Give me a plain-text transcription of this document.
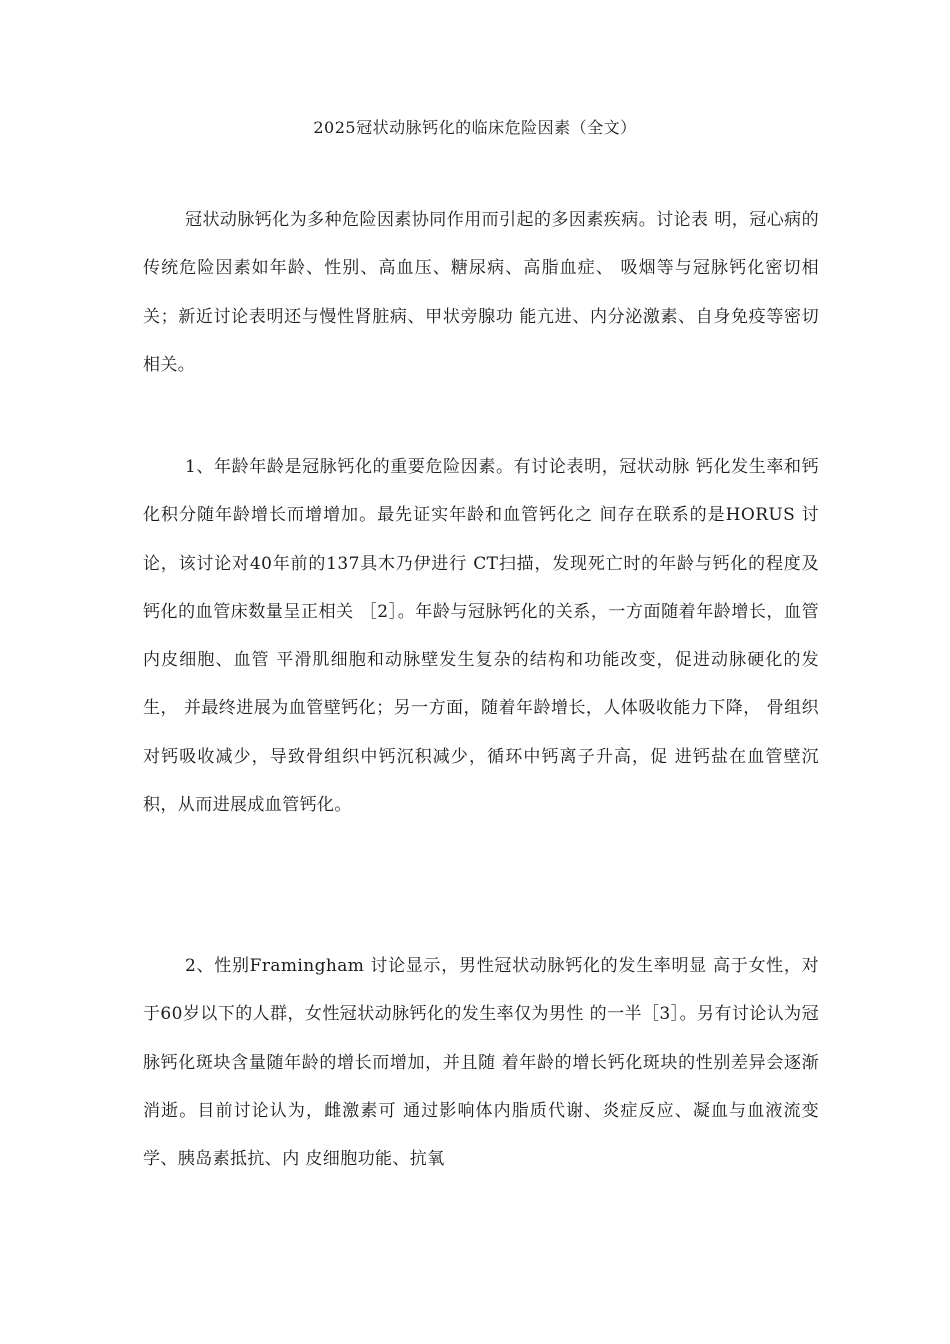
2025冠状动脉钙化的临床危险因素（全文）

冠状动脉钙化为多种危险因素协同作用而引起的多因素疾病。讨论表 明，冠心病的传统危险因素如年龄、性别、高血压、糖尿病、高脂血症、 吸烟等与冠脉钙化密切相关；新近讨论表明还与慢性肾脏病、甲状旁腺功 能亢进、内分泌激素、自身免疫等密切相关。

1、年龄年龄是冠脉钙化的重要危险因素。有讨论表明，冠状动脉 钙化发生率和钙化积分随年龄增长而增增加。最先证实年龄和血管钙化之 间存在联系的是HORUS 讨论，该讨论对40年前的137具木乃伊进行 CT扫描，发现死亡时的年龄与钙化的程度及钙化的血管床数量呈正相关 ［2］。年龄与冠脉钙化的关系，一方面随着年龄增长，血管内皮细胞、血管 平滑肌细胞和动脉壁发生复杂的结构和功能改变，促进动脉硬化的发生， 并最终进展为血管壁钙化；另一方面，随着年龄增长，人体吸收能力下降， 骨组织对钙吸收减少，导致骨组织中钙沉积减少，循环中钙离子升高，促 进钙盐在血管壁沉积，从而进展成血管钙化。

2、性别Framingham 讨论显示，男性冠状动脉钙化的发生率明显 高于女性，对于60岁以下的人群，女性冠状动脉钙化的发生率仅为男性 的一半［3］。另有讨论认为冠脉钙化斑块含量随年龄的增长而增加，并且随 着年龄的增长钙化斑块的性别差异会逐渐消逝。目前讨论认为，雌激素可 通过影响体内脂质代谢、炎症反应、凝血与血液流变学、胰岛素抵抗、内 皮细胞功能、抗氧
